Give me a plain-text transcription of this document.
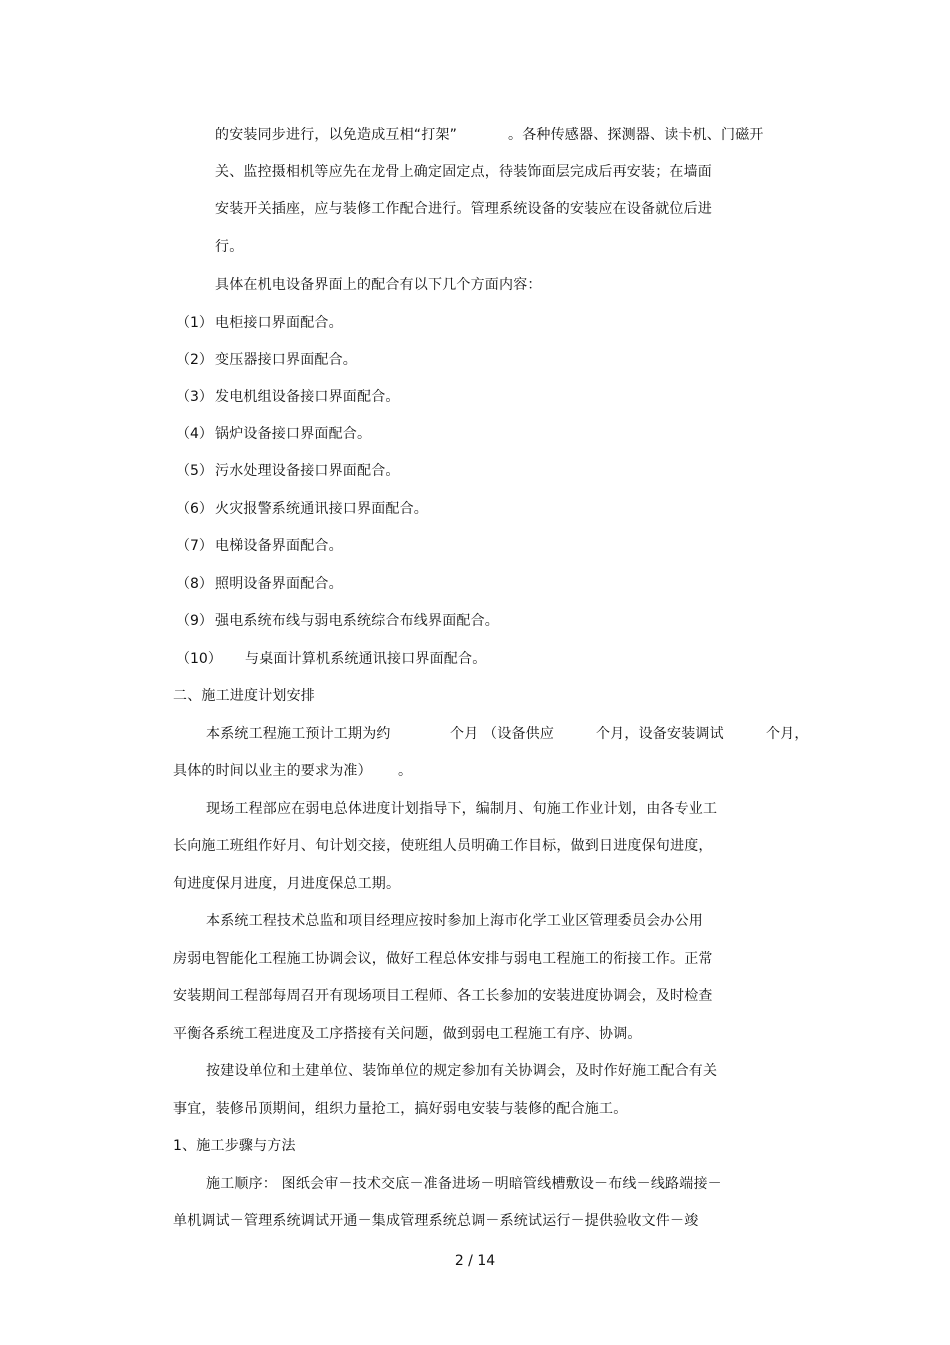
的安装同步进行，以免造成互相“打架”	。各种传感器、探测器、读卡机、门磁开
关、监控摄相机等应先在龙骨上确定固定点，待装饰面层完成后再安装；在墙面
安装开关插座，应与装修工作配合进行。管理系统设备的安装应在设备就位后进
行。
具体在机电设备界面上的配合有以下几个方面内容：
（1） 电柜接口界面配合。
（2） 变压器接口界面配合。
（3） 发电机组设备接口界面配合。
（4） 锅炉设备接口界面配合。
（5） 污水处理设备接口界面配合。
（6） 火灾报警系统通讯接口界面配合。
（7） 电梯设备界面配合。
（8） 照明设备界面配合。
（9） 强电系统布线与弱电系统综合布线界面配合。
（10） 与桌面计算机系统通讯接口界面配合。
二、施工进度计划安排
本系统工程施工预计工期为约	个月 （设备供应	个月，设备安装调试	个月，
具体的时间以业主的要求为准） 。
现场工程部应在弱电总体进度计划指导下，编制月、旬施工作业计划，由各专业工
长向施工班组作好月、旬计划交接，使班组人员明确工作目标，做到日进度保旬进度，
旬进度保月进度，月进度保总工期。
本系统工程技术总监和项目经理应按时参加上海市化学工业区管理委员会办公用
房弱电智能化工程施工协调会议，做好工程总体安排与弱电工程施工的衔接工作。正常
安装期间工程部每周召开有现场项目工程师、各工长参加的安装进度协调会，及时检查
平衡各系统工程进度及工序搭接有关问题，做到弱电工程施工有序、协调。
按建设单位和土建单位、装饰单位的规定参加有关协调会，及时作好施工配合有关
事宜，装修吊顶期间，组织力量抢工，搞好弱电安装与装修的配合施工。
1、施工步骤与方法
施工顺序： 图纸会审－技术交底－准备进场－明暗管线槽敷设－布线－线路端接－
单机调试－管理系统调试开通－集成管理系统总调－系统试运行－提供验收文件－竣
2 / 14
